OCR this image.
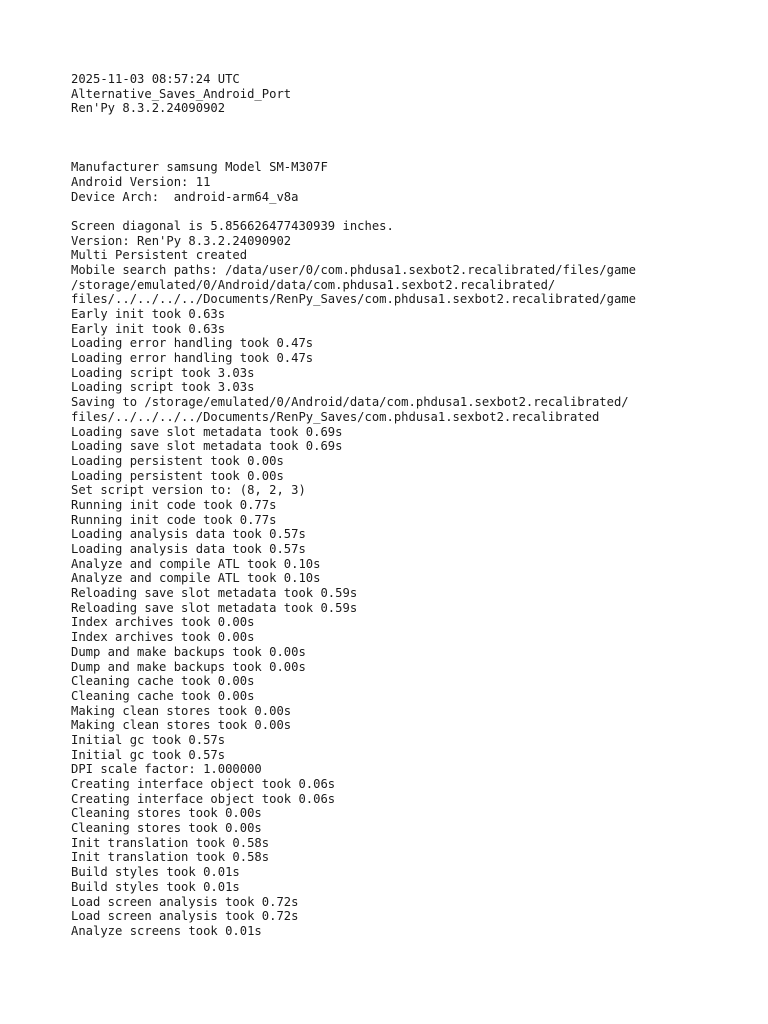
2025-11-03 08:57:24 UTC
Alternative_Saves_Android_Port
Ren'Py 8.3.2.24090902
Manufacturer samsung Model SM-M307F
Android Version: 11
Device Arch:  android-arm64_v8a
Screen diagonal is 5.856626477430939 inches.
Version: Ren'Py 8.3.2.24090902
Multi Persistent created
Mobile search paths: /data/user/0/com.phdusa1.sexbot2.recalibrated/files/game
/storage/emulated/0/Android/data/com.phdusa1.sexbot2.recalibrated/
files/../../../../Documents/RenPy_Saves/com.phdusa1.sexbot2.recalibrated/game
Early init took 0.63s
Early init took 0.63s
Loading error handling took 0.47s
Loading error handling took 0.47s
Loading script took 3.03s
Loading script took 3.03s
Saving to /storage/emulated/0/Android/data/com.phdusa1.sexbot2.recalibrated/
files/../../../../Documents/RenPy_Saves/com.phdusa1.sexbot2.recalibrated
Loading save slot metadata took 0.69s
Loading save slot metadata took 0.69s
Loading persistent took 0.00s
Loading persistent took 0.00s
Set script version to: (8, 2, 3)
Running init code took 0.77s
Running init code took 0.77s
Loading analysis data took 0.57s
Loading analysis data took 0.57s
Analyze and compile ATL took 0.10s
Analyze and compile ATL took 0.10s
Reloading save slot metadata took 0.59s
Reloading save slot metadata took 0.59s
Index archives took 0.00s
Index archives took 0.00s
Dump and make backups took 0.00s
Dump and make backups took 0.00s
Cleaning cache took 0.00s
Cleaning cache took 0.00s
Making clean stores took 0.00s
Making clean stores took 0.00s
Initial gc took 0.57s
Initial gc took 0.57s
DPI scale factor: 1.000000
Creating interface object took 0.06s
Creating interface object took 0.06s
Cleaning stores took 0.00s
Cleaning stores took 0.00s
Init translation took 0.58s
Init translation took 0.58s
Build styles took 0.01s
Build styles took 0.01s
Load screen analysis took 0.72s
Load screen analysis took 0.72s
Analyze screens took 0.01s
